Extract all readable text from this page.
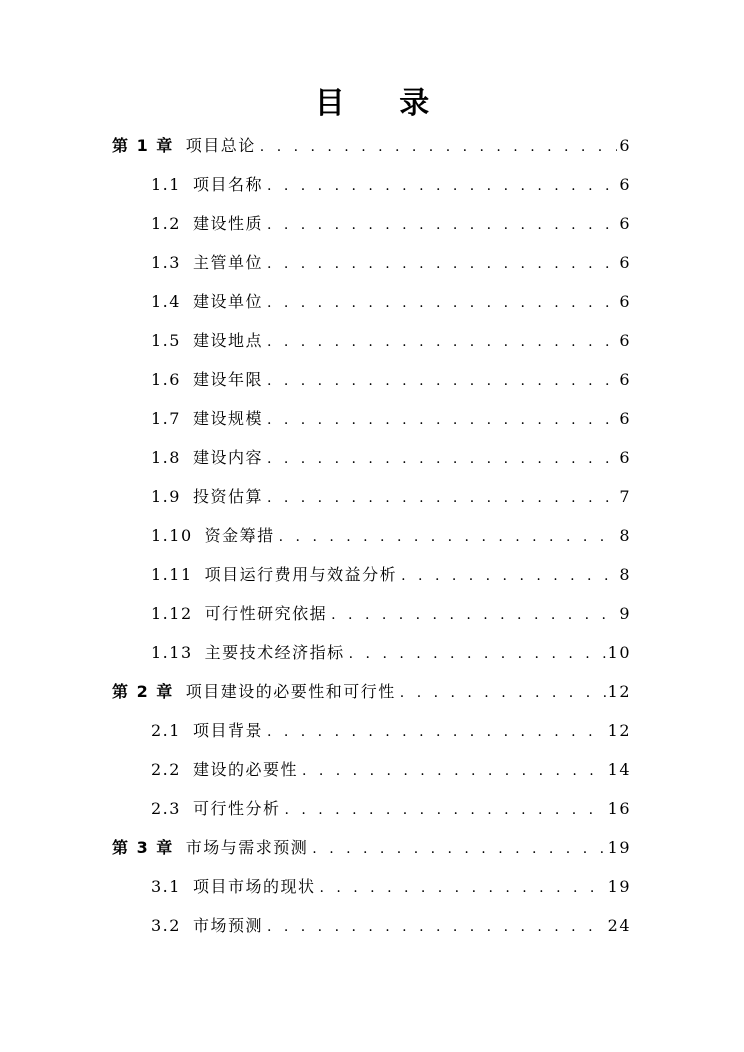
目 录
第 1 章 项目总论 . . .	6
1.1 项目名称 . . .	6
1.2 建设性质 . . .	6
1.3 主管单位 . . .	6
1.4 建设单位 . . .	6
1.5 建设地点 . . .	6
1.6 建设年限 . . .	6
1.7 建设规模 . . .	6
1.8 建设内容 . . .	6
1.9 投资估算 . . .	7
1.10 资金筹措 . . .	8
1.11 项目运行费用与效益分析 . . .	8
1.12 可行性研究依据 . . .	9
1.13 主要技术经济指标 . . .	10
第 2 章 项目建设的必要性和可行性 . . .	12
2.1 项目背景 . . .	12
2.2 建设的必要性 . . .	14
2.3 可行性分析 . . .	16
第 3 章 市场与需求预测 . . .	19
3.1 项目市场的现状 . . .	19
3.2 市场预测 . . .	24
